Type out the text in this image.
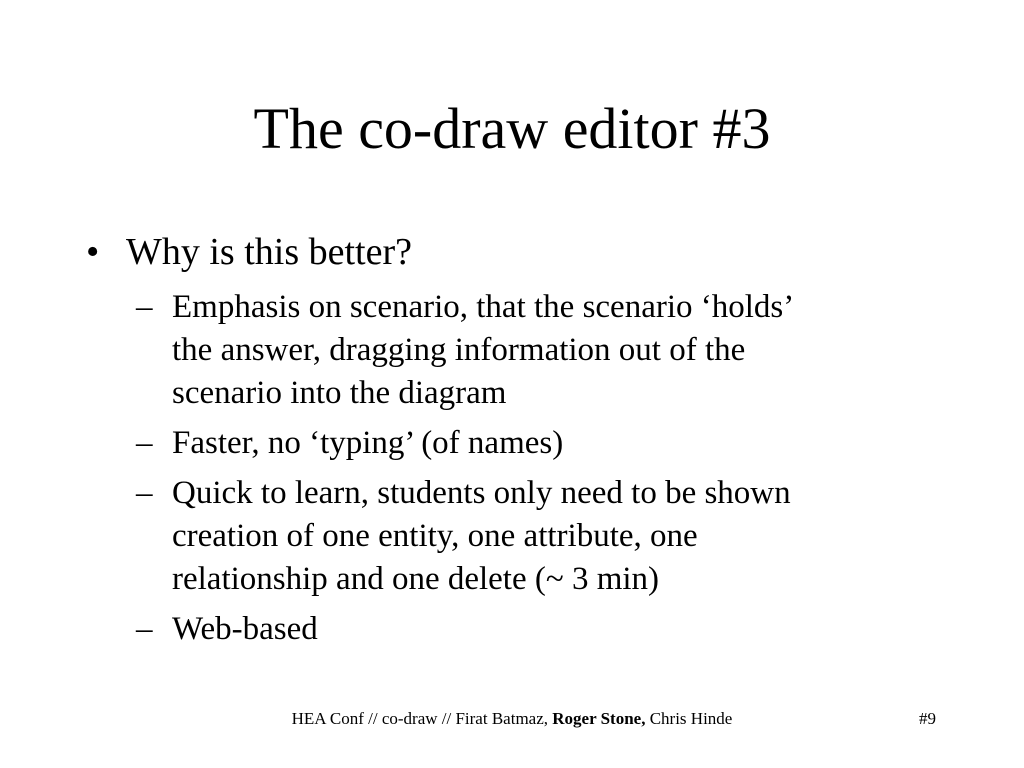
The co-draw editor #3
• Why is this better?
– Emphasis on scenario, that the scenario ‘holds’
the answer, dragging information out of the
scenario into the diagram
– Faster, no ‘typing’ (of names)
– Quick to learn, students only need to be shown
creation of one entity, one attribute, one
relationship and one delete (~ 3 min)
– Web-based
HEA Conf // co-draw // Firat Batmaz, Roger Stone, Chris Hinde	#9
